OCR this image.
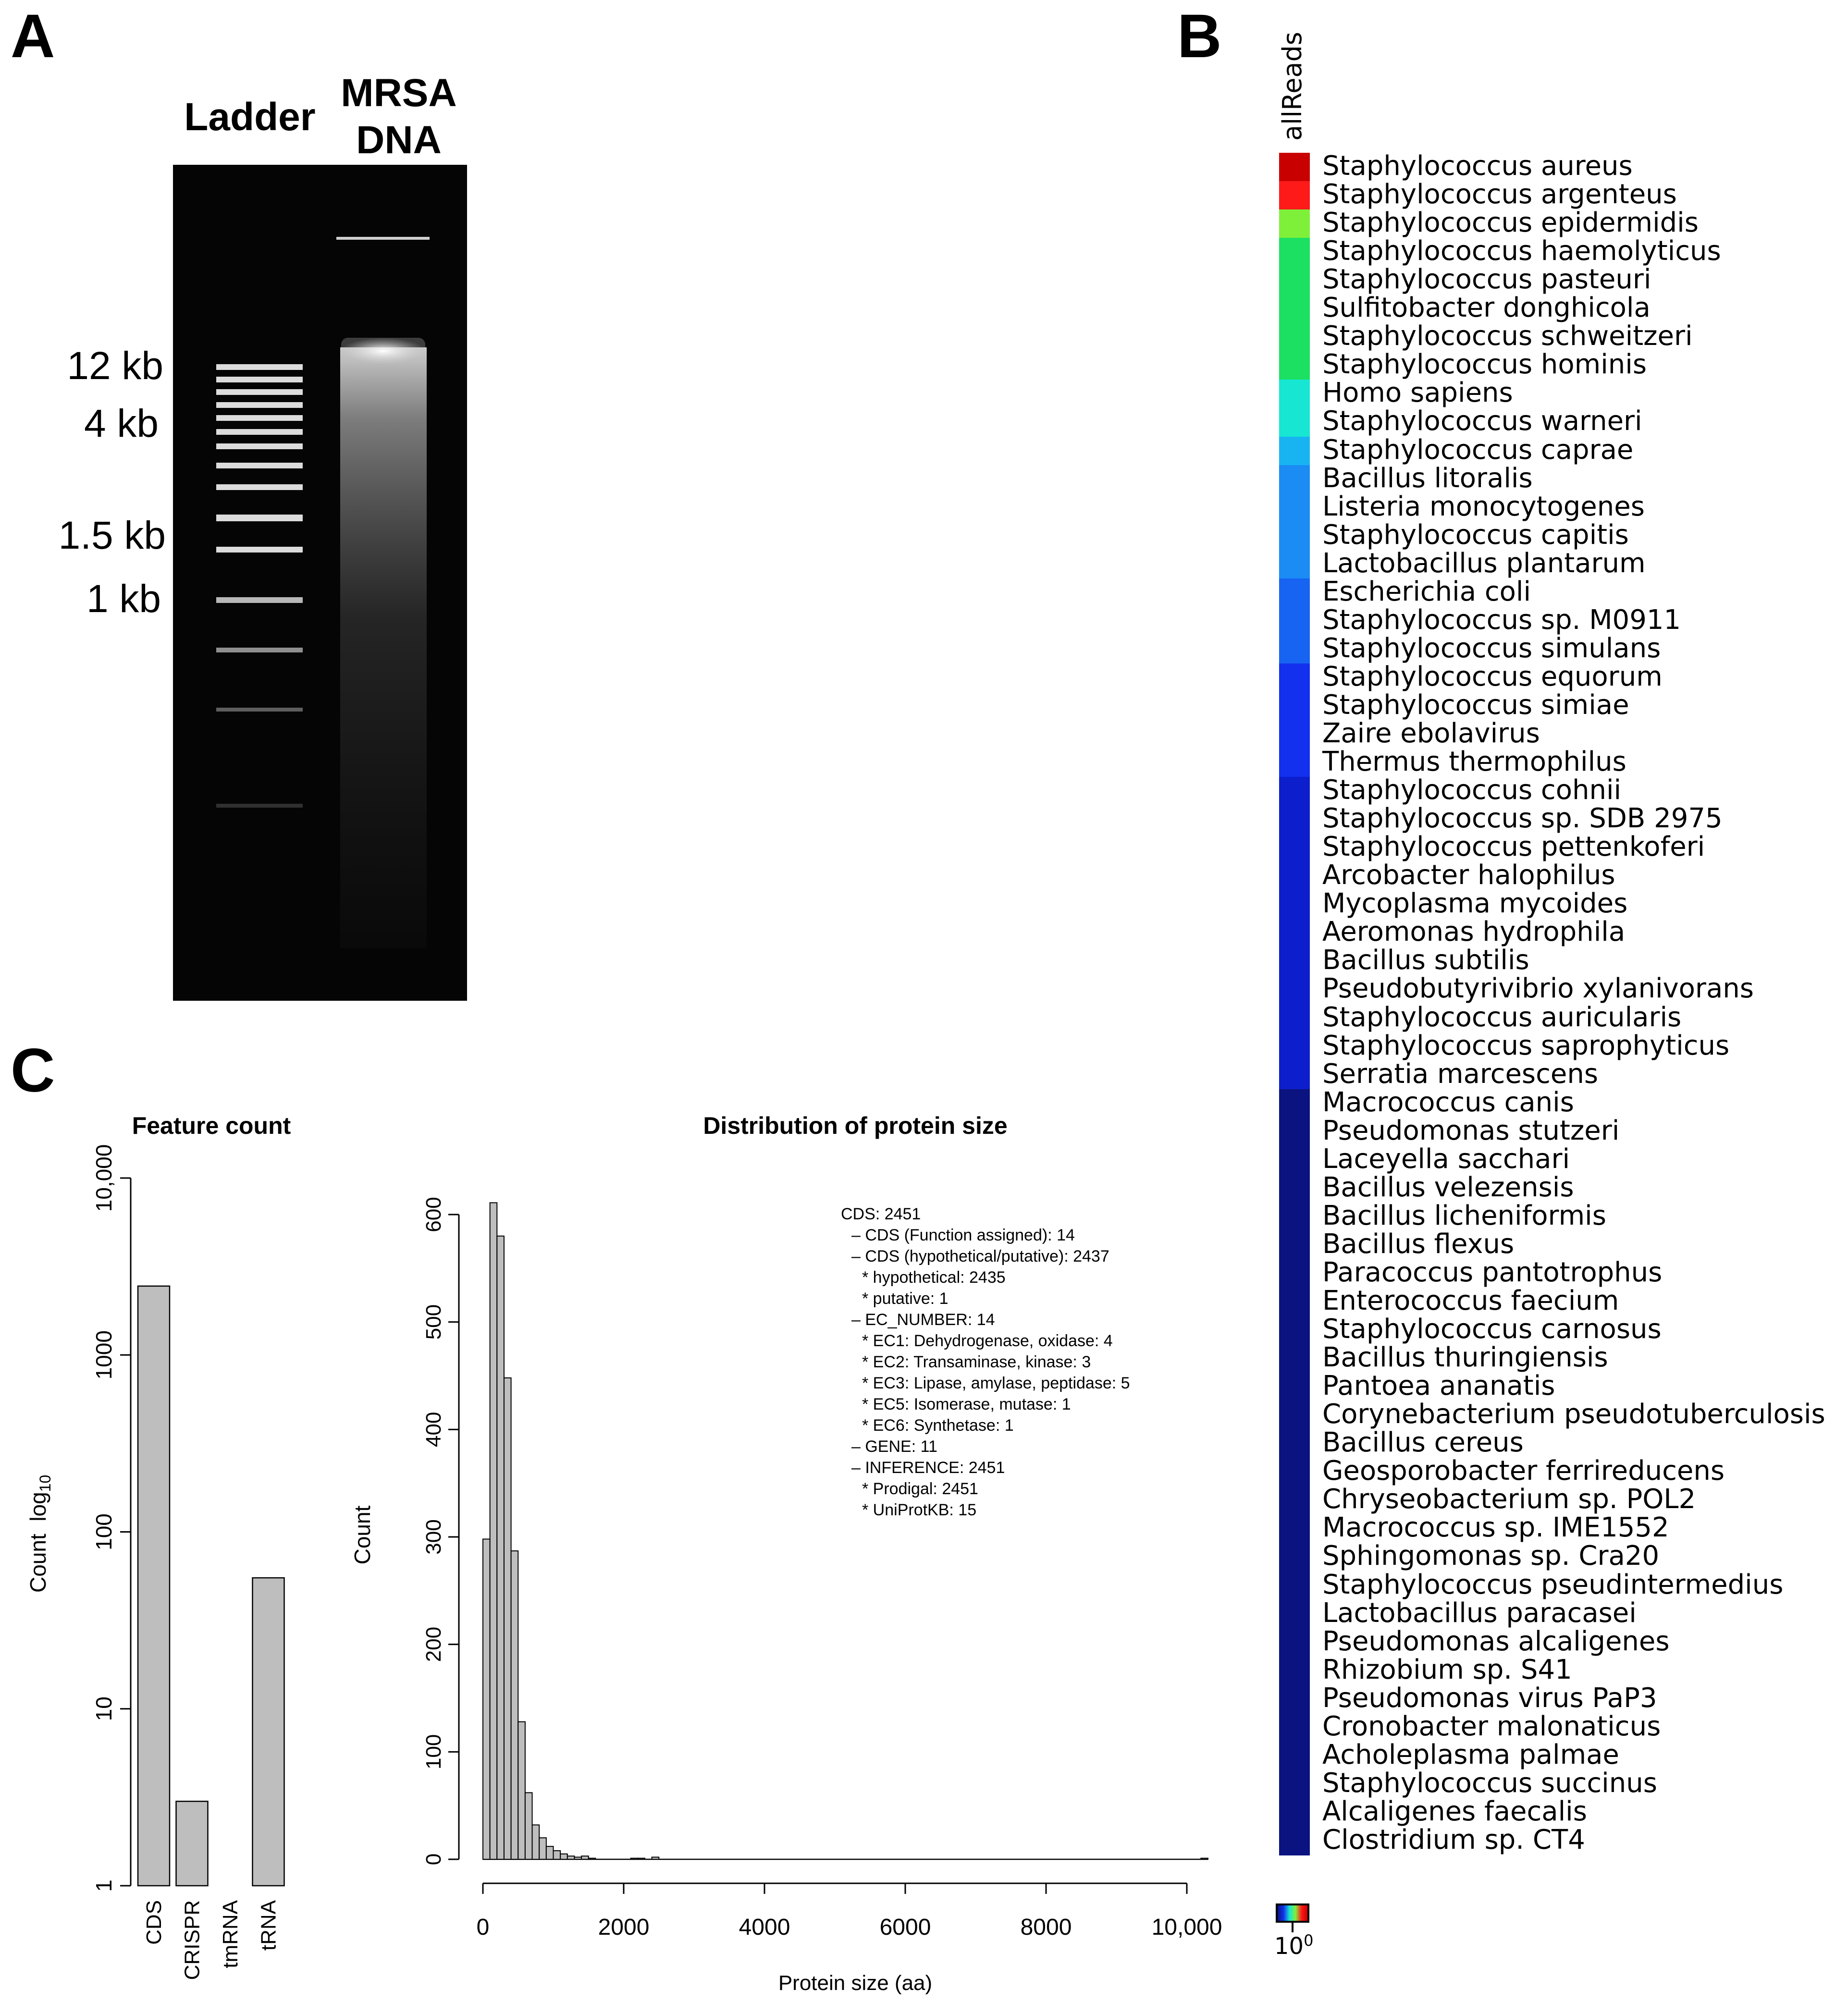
A	B
C
Ladder
MRSA
DNA
12 kb
4 kb
1.5 kb
1 kb
allReads
Staphylococcus aureus
Staphylococcus argenteus
Staphylococcus epidermidis
Staphylococcus haemolyticus
Staphylococcus pasteuri
Sulfitobacter donghicola
Staphylococcus schweitzeri
Staphylococcus hominis
Homo sapiens
Staphylococcus warneri
Staphylococcus caprae
Bacillus litoralis
Listeria monocytogenes
Staphylococcus capitis
Lactobacillus plantarum
Escherichia coli
Staphylococcus sp. M0911
Staphylococcus simulans
Staphylococcus equorum
Staphylococcus simiae
Zaire ebolavirus
Thermus thermophilus
Staphylococcus cohnii
Staphylococcus sp. SDB 2975
Staphylococcus pettenkoferi
Arcobacter halophilus
Mycoplasma mycoides
Aeromonas hydrophila
Bacillus subtilis
Pseudobutyrivibrio xylanivorans
Staphylococcus auricularis
Staphylococcus saprophyticus
Serratia marcescens
Macrococcus canis
Pseudomonas stutzeri
Laceyella sacchari
Bacillus velezensis
Bacillus licheniformis
Bacillus flexus
Paracoccus pantotrophus
Enterococcus faecium
Staphylococcus carnosus
Bacillus thuringiensis
Pantoea ananatis
Corynebacterium pseudotuberculosis
Bacillus cereus
Geosporobacter ferrireducens
Chryseobacterium sp. POL2
Macrococcus sp. IME1552
Sphingomonas sp. Cra20
Staphylococcus pseudintermedius
Lactobacillus paracasei
Pseudomonas alcaligenes
Rhizobium sp. S41
Pseudomonas virus PaP3
Cronobacter malonaticus
Acholeplasma palmae
Staphylococcus succinus
Alcaligenes faecalis
Clostridium sp. CT4
$10^0$
Feature count
1
10
100
1000
10,000
CDS CRISPR tmRNA tRNA
Count  $\log_{10}$
Distribution of protein size
0
100
200
300
400
500
600
Count
0	2000	4000	6000	8000	10,000
Protein size (aa)
CDS: 2451
– CDS (Function assigned): 14
– CDS (hypothetical/putative): 2437
* hypothetical: 2435
* putative: 1
– EC_NUMBER: 14
* EC1: Dehydrogenase, oxidase: 4
* EC2: Transaminase, kinase: 3
* EC3: Lipase, amylase, peptidase: 5
* EC5: Isomerase, mutase: 1
* EC6: Synthetase: 1
– GENE: 11
– INFERENCE: 2451
* Prodigal: 2451
* UniProtKB: 15
